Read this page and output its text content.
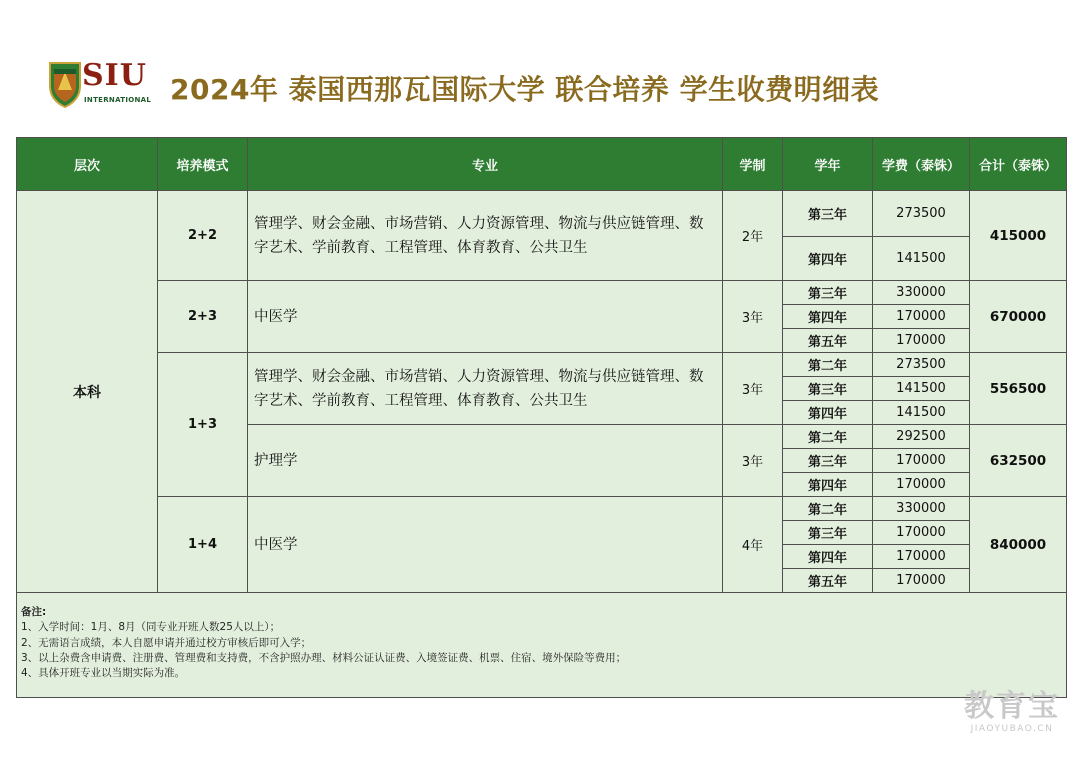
SIU
INTERNATIONAL 2024年 泰国西那瓦国际大学 联合培养 学生收费明细表
层次	培养模式	专业	学制	学年	学费（泰铢）	合计（泰铢）
本科	2+2	管理学、财会金融、市场营销、人力资源管理、物流与供应链管理、数字艺术、学前教育、工程管理、体育教育、公共卫生	2年	第三年	273500	415000
				第四年	141500	
	2+3	中医学	3年	第三年	330000	670000
				第四年	170000	
				第五年	170000	
	1+3	管理学、财会金融、市场营销、人力资源管理、物流与供应链管理、数字艺术、学前教育、工程管理、体育教育、公共卫生	3年	第二年	273500	556500
				第三年	141500	
				第四年	141500	
		护理学	3年	第二年	292500	632500
				第三年	170000	
				第四年	170000	
	1+4	中医学	4年	第二年	330000	840000
				第三年	170000	
				第四年	170000	
				第五年	170000	

备注:
1、入学时间：1月、8月（同专业开班人数25人以上）；
2、无需语言成绩，本人自愿申请并通过校方审核后即可入学；
3、以上杂费含申请费、注册费、管理费和支持费，不含护照办理、材料公证认证费、入境签证费、机票、住宿、境外保险等费用；
4、具体开班专业以当期实际为准。						
教育宝
JIAOYUBAO.CN
